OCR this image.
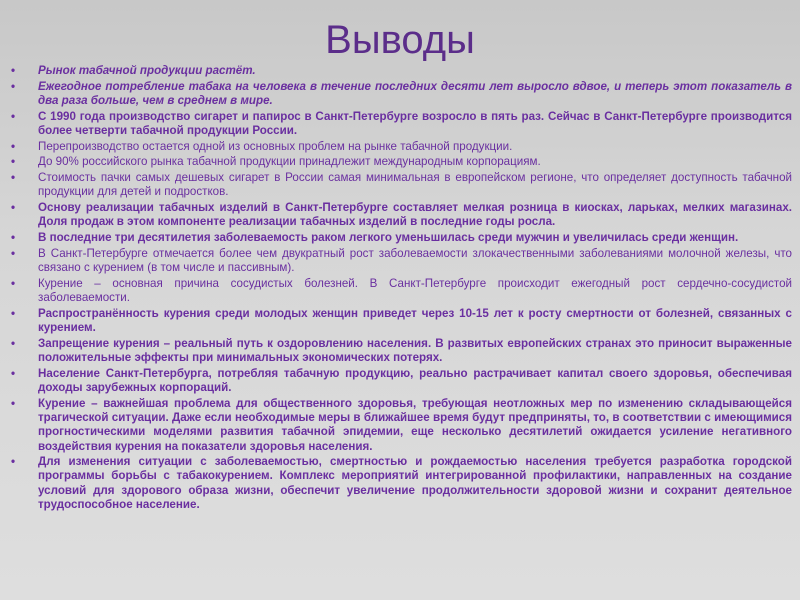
Выводы
• Рынок табачной продукции растёт.
• Ежегодное потребление табака на человека в течение последних десяти лет выросло вдвое, и теперь этот показатель в два раза больше, чем в среднем в мире.
• С 1990 года производство сигарет и папирос в Санкт-Петербурге возросло в пять раз. Сейчас в Санкт-Петербурге производится более четверти табачной продукции России.
• Перепроизводство остается одной из основных проблем на рынке табачной продукции.
• До 90% российского рынка табачной продукции принадлежит международным корпорациям.
• Стоимость пачки самых дешевых сигарет в России самая минимальная в европейском регионе, что определяет доступность табачной продукции для детей и подростков.
• Основу реализации табачных изделий в Санкт-Петербурге составляет мелкая розница в киосках, ларьках, мелких магазинах. Доля продаж в этом компоненте реализации табачных изделий в последние годы росла.
• В последние три десятилетия заболеваемость раком легкого уменьшилась среди мужчин и увеличилась среди женщин.
• В Санкт-Петербурге отмечается более чем двукратный рост заболеваемости злокачественными заболеваниями молочной железы, что связано с курением (в том числе и пассивным).
• Курение – основная причина сосудистых болезней. В Санкт-Петербурге происходит ежегодный рост сердечно-сосудистой заболеваемости.
• Распространённость курения среди молодых женщин приведет через 10-15 лет к росту смертности от болезней, связанных с курением.
• Запрещение курения – реальный путь к оздоровлению населения. В развитых европейских странах это приносит выраженные положительные эффекты при минимальных экономических потерях.
• Население Санкт-Петербурга, потребляя табачную продукцию, реально растрачивает капитал своего здоровья, обеспечивая доходы зарубежных корпораций.
• Курение – важнейшая проблема для общественного здоровья, требующая неотложных мер по изменению складывающейся трагической ситуации. Даже если необходимые меры в ближайшее время будут предприняты, то, в соответствии с имеющимися прогностическими моделями развития табачной эпидемии, еще несколько десятилетий ожидается усиление негативного воздействия курения на показатели здоровья населения.
• Для изменения ситуации с заболеваемостью, смертностью и рождаемостью населения требуется разработка городской программы борьбы с табакокурением. Комплекс мероприятий интегрированной профилактики, направленных на создание условий для здорового образа жизни, обеспечит увеличение продолжительности здоровой жизни и сохранит деятельное трудоспособное население.
